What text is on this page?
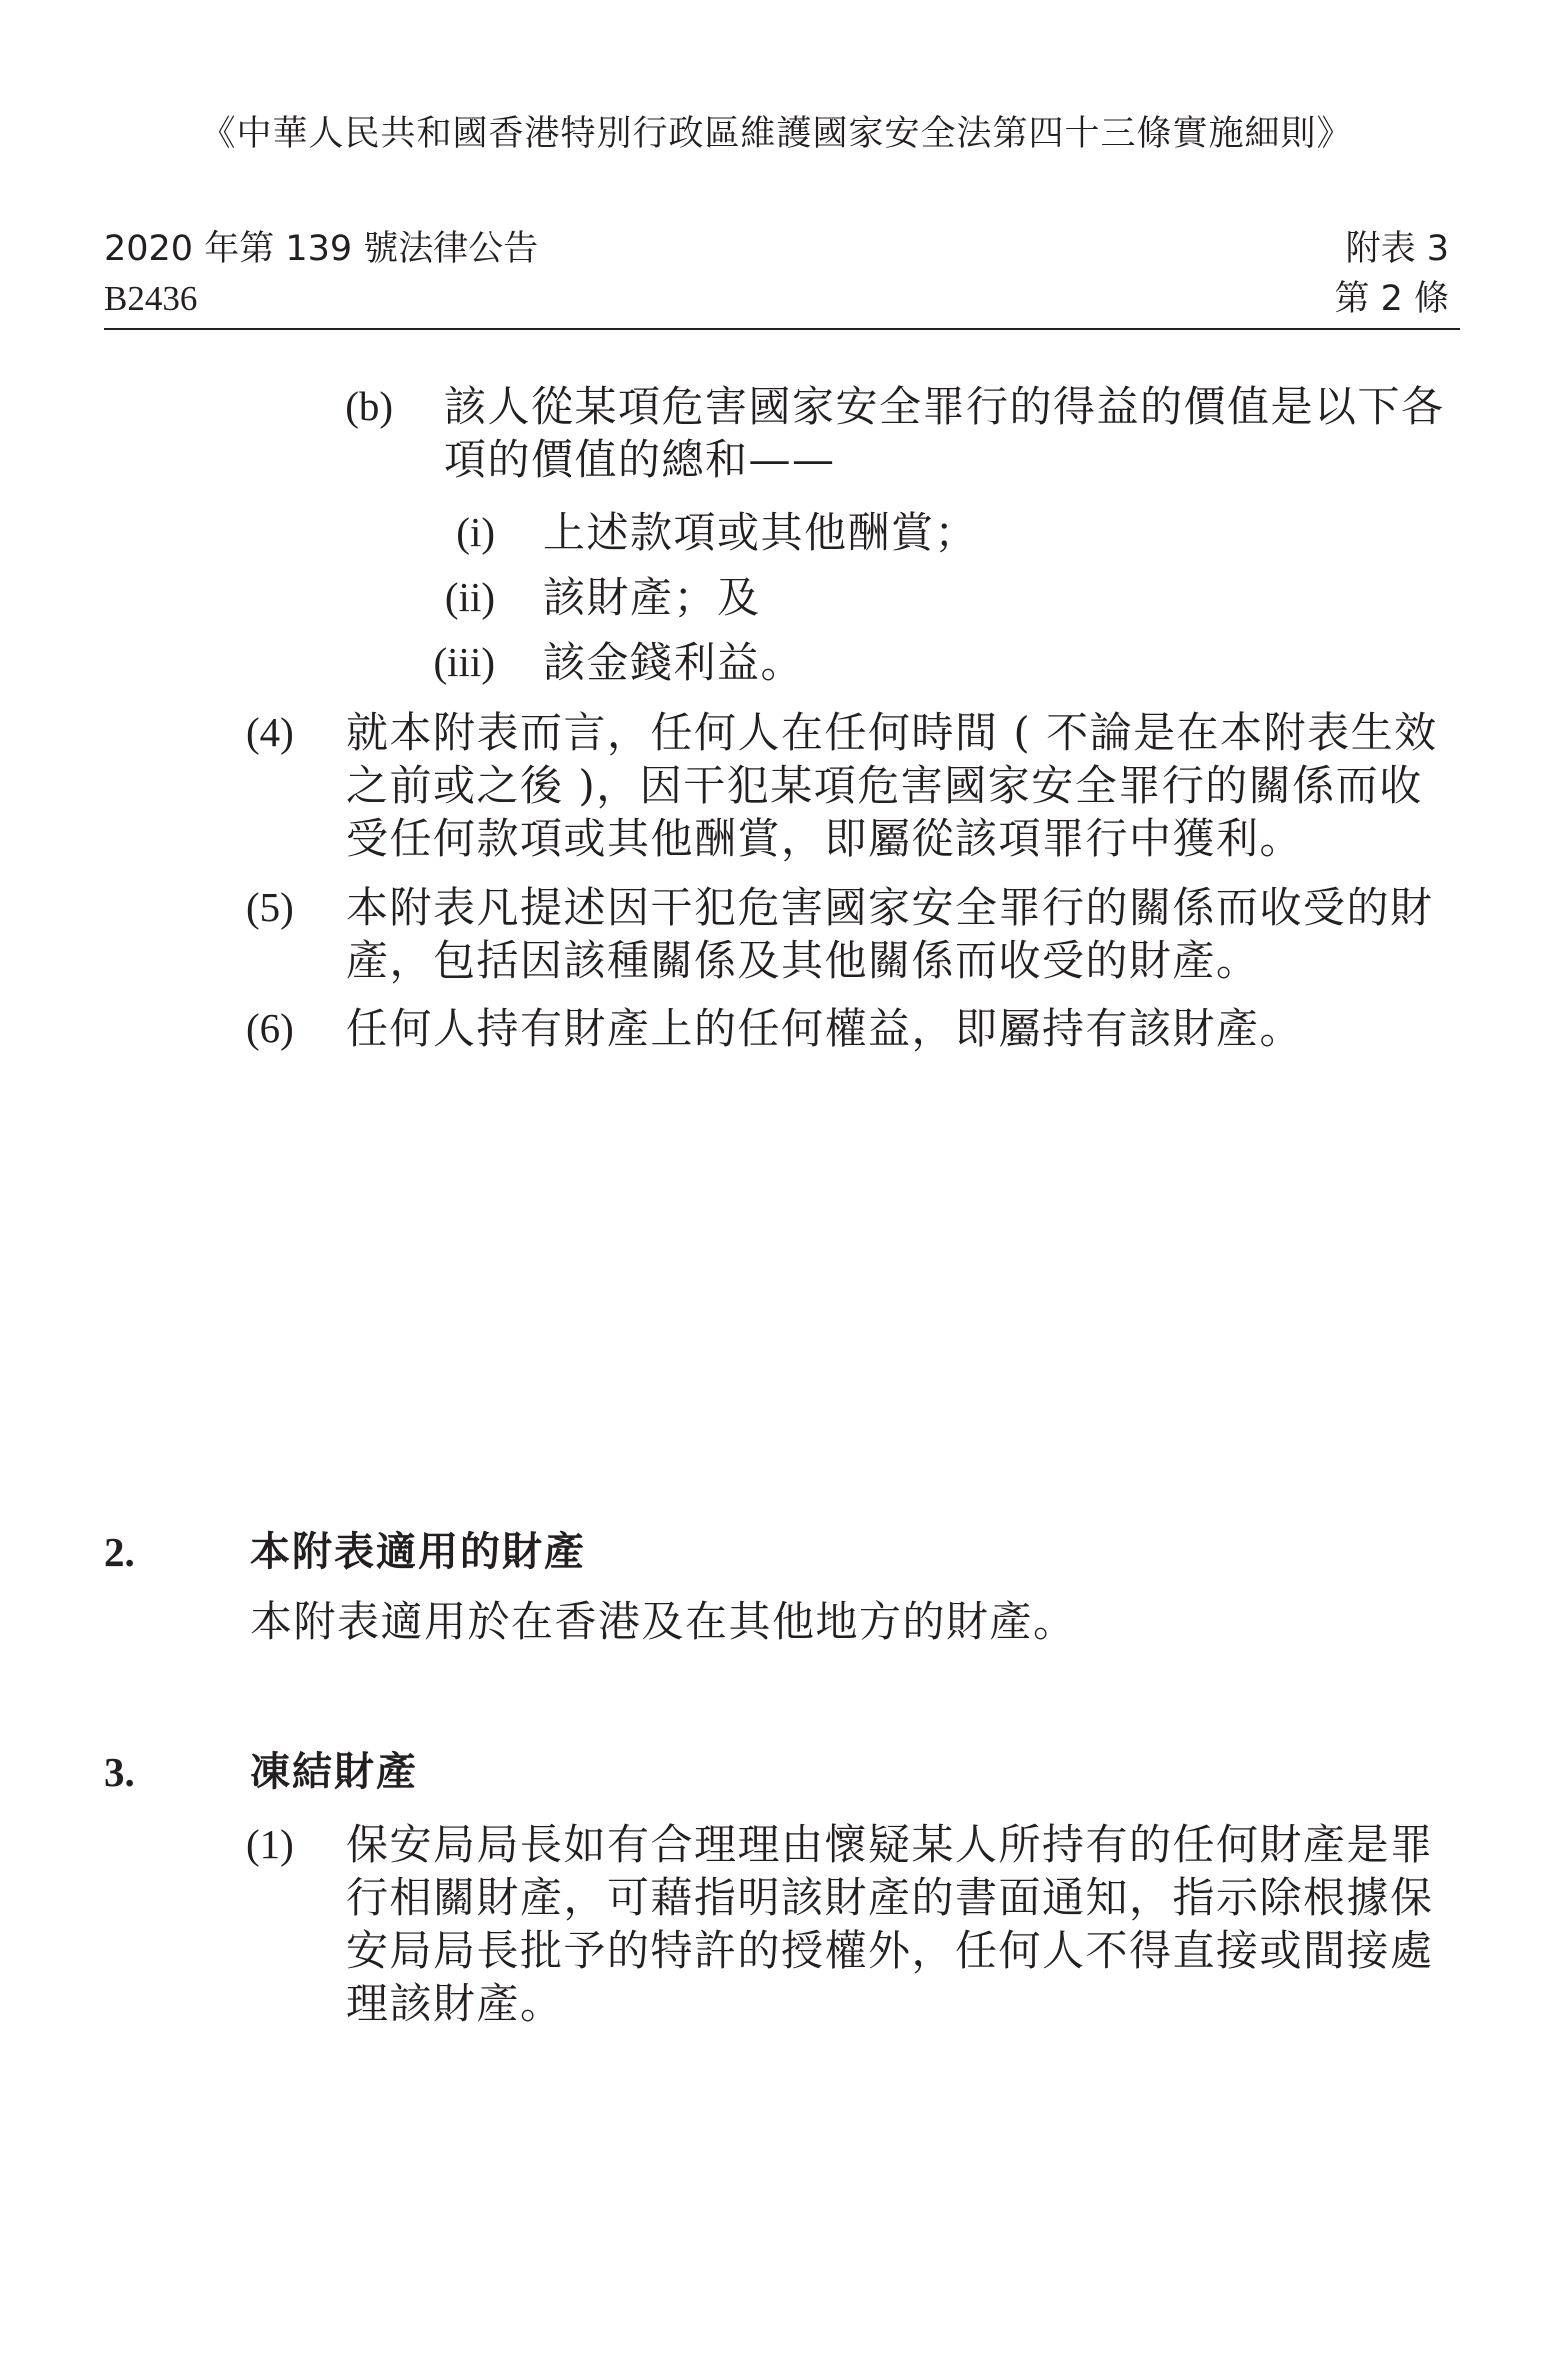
《中華人民共和國香港特別行政區維護國家安全法第四十三條實施細則》
2020 年第 139 號法律公告
B2436
附表 3
第 2 條
(b) 該人從某項危害國家安全罪行的得益的價值是以下各項的價值的總和——
(i) 上述款項或其他酬賞；
(ii) 該財產；及
(iii) 該金錢利益。
(4) 就本附表而言，任何人在任何時間 ( 不論是在本附表生效之前或之後 )，因干犯某項危害國家安全罪行的關係而收受任何款項或其他酬賞，即屬從該項罪行中獲利。
(5) 本附表凡提述因干犯危害國家安全罪行的關係而收受的財產，包括因該種關係及其他關係而收受的財產。
(6) 任何人持有財產上的任何權益，即屬持有該財產。
2.	本附表適用的財產
本附表適用於在香港及在其他地方的財產。
3.	凍結財產
(1) 保安局局長如有合理理由懷疑某人所持有的任何財產是罪行相關財產，可藉指明該財產的書面通知，指示除根據保安局局長批予的特許的授權外，任何人不得直接或間接處理該財產。
